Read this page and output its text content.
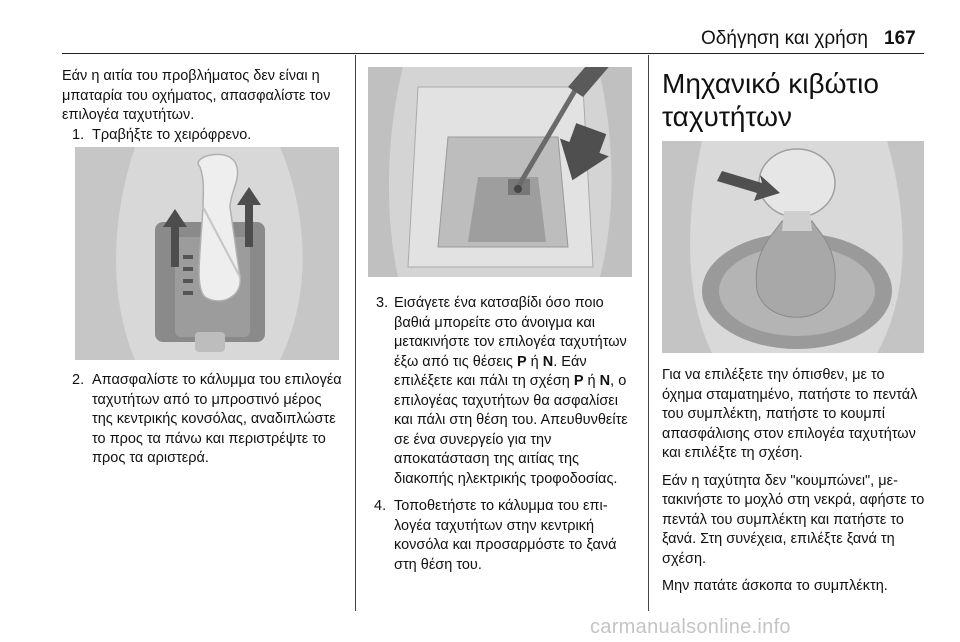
Οδήγηση και χρήση 167

Εάν η αιτία του προβλήματος δεν είναι η μπαταρία του οχήματος, απασφαλίστε τον επιλογέα ταχυτήτων.

1. Τραβήξτε το χειρόφρενο.
2. Απασφαλίστε το κάλυμμα του επιλογέα ταχυτήτων από το μπροστινό μέρος της κεντρικής κονσόλας, αναδιπλώστε το προς τα πάνω και περιστρέψτε το προς τα αριστερά.
3. Εισάγετε ένα κατσαβίδι όσο ποιο βαθιά μπορείτε στο άνοιγμα και μετακινήστε τον επιλογέα ταχυτήτων έξω από τις θέσεις P ή N. Εάν επιλέξετε και πάλι τη σχέση P ή N, ο επιλογέας ταχυτήτων θα ασφαλίσει και πάλι στη θέση του. Απευθυνθείτε σε ένα συνεργείο για την αποκατάσταση της αιτίας της διακοπής ηλεκτρικής τροφοδοσίας.
4. Τοποθετήστε το κάλυμμα του επιλογέα ταχυτήτων στην κεντρική κονσόλα και προσαρμόστε το ξανά στη θέση του.
Μηχανικό κιβώτιο ταχυτήτων

Για να επιλέξετε την όπισθεν, με το όχημα σταματημένο, πατήστε το πεντάλ του συμπλέκτη, πατήστε το κουμπί απασφάλισης στον επιλογέα ταχυτήτων και επιλέξτε τη σχέση.

Εάν η ταχύτητα δεν "κουμπώνει", μετακινήστε το μοχλό στη νεκρά, αφήστε το πεντάλ του συμπλέκτη και πατήστε το ξανά. Στη συνέχεια, επιλέξτε ξανά τη σχέση.

Μην πατάτε άσκοπα το συμπλέκτη.

carmanualsonline.info
